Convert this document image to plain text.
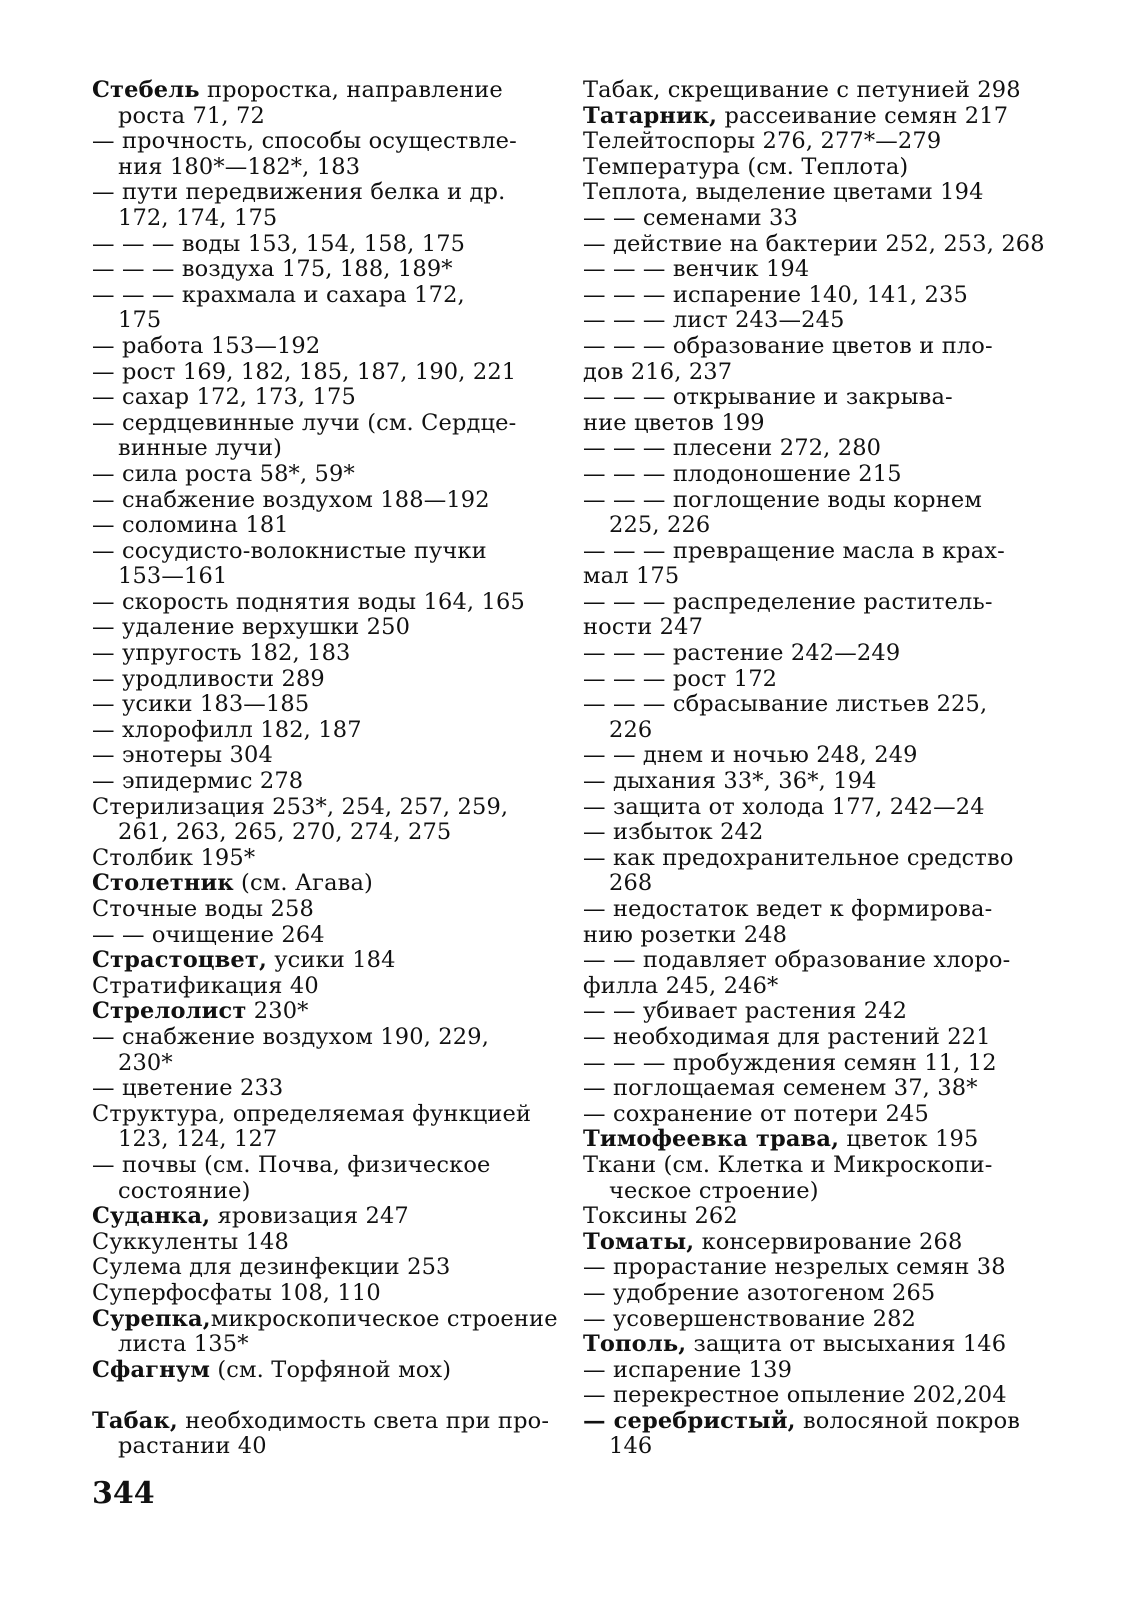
Стебель проростка, направление
роста 71, 72
— прочность, способы осуществле-
ния 180*—182*, 183
— пути передвижения белка и др.
172, 174, 175
— — — воды 153, 154, 158, 175
— — — воздуха 175, 188, 189*
— — — крахмала и сахара 172,
175
— работа 153—192
— рост 169, 182, 185, 187, 190, 221
— сахар 172, 173, 175
— сердцевинные лучи (см. Сердце-
винные лучи)
— сила роста 58*, 59*
— снабжение воздухом 188—192
— соломина 181
— сосудисто-волокнистые пучки
153—161
— скорость поднятия воды 164, 165
— удаление верхушки 250
— упругость 182, 183
— уродливости 289
— усики 183—185
— хлорофилл 182, 187
— энотеры 304
— эпидермис 278
Стерилизация 253*, 254, 257, 259,
261, 263, 265, 270, 274, 275
Столбик 195*
Столетник (см. Агава)
Сточные воды 258
— — очищение 264
Страстоцвет, усики 184
Стратификация 40
Стрелолист 230*
— снабжение воздухом 190, 229,
230*
— цветение 233
Структура, определяемая функцией
123, 124, 127
— почвы (см. Почва, физическое
состояние)
Суданка, яровизация 247
Суккуленты 148
Сулема для дезинфекции 253
Суперфосфаты 108, 110
Сурепка,микроскопическое строение
листа 135*
Сфагнум (см. Торфяной мох)
Табак, необходимость света при про-
растании 40
Табак, скрещивание с петунией 298
Татарник, рассеивание семян 217
Телейтоспоры 276, 277*—279
Температура (см. Теплота)
Теплота, выделение цветами 194
— — семенами 33
— действие на бактерии 252, 253, 268
— — — венчик 194
— — — испарение 140, 141, 235
— — — лист 243—245
— — — образование цветов и пло-
дов 216, 237
— — — открывание и закрыва-
ние цветов 199
— — — плесени 272, 280
— — — плодоношение 215
— — — поглощение воды корнем
225, 226
— — — превращение масла в крах-
мал 175
— — — распределение раститель-
ности 247
— — — растение 242—249
— — — рост 172
— — — сбрасывание листьев 225,
226
— — днем и ночью 248, 249
— дыхания 33*, 36*, 194
— защита от холода 177, 242—24
— избыток 242
— как предохранительное средство
268
— недостаток ведет к формирова-
нию розетки 248
— — подавляет образование хлоро-
филла 245, 246*
— — убивает растения 242
— необходимая для растений 221
— — — пробуждения семян 11, 12
— поглощаемая семенем 37, 38*
— сохранение от потери 245
Тимофеевка трава, цветок 195
Ткани (см. Клетка и Микроскопи-
ческое строение)
Токсины 262
Томаты, консервирование 268
— прорастание незрелых семян 38
— удобрение азотогеном 265
— усовершенствование 282
Тополь, защита от высыхания 146
— испарение 139
— перекрестное опыление 202,204
— серебристый, волосяной покров
146
344
